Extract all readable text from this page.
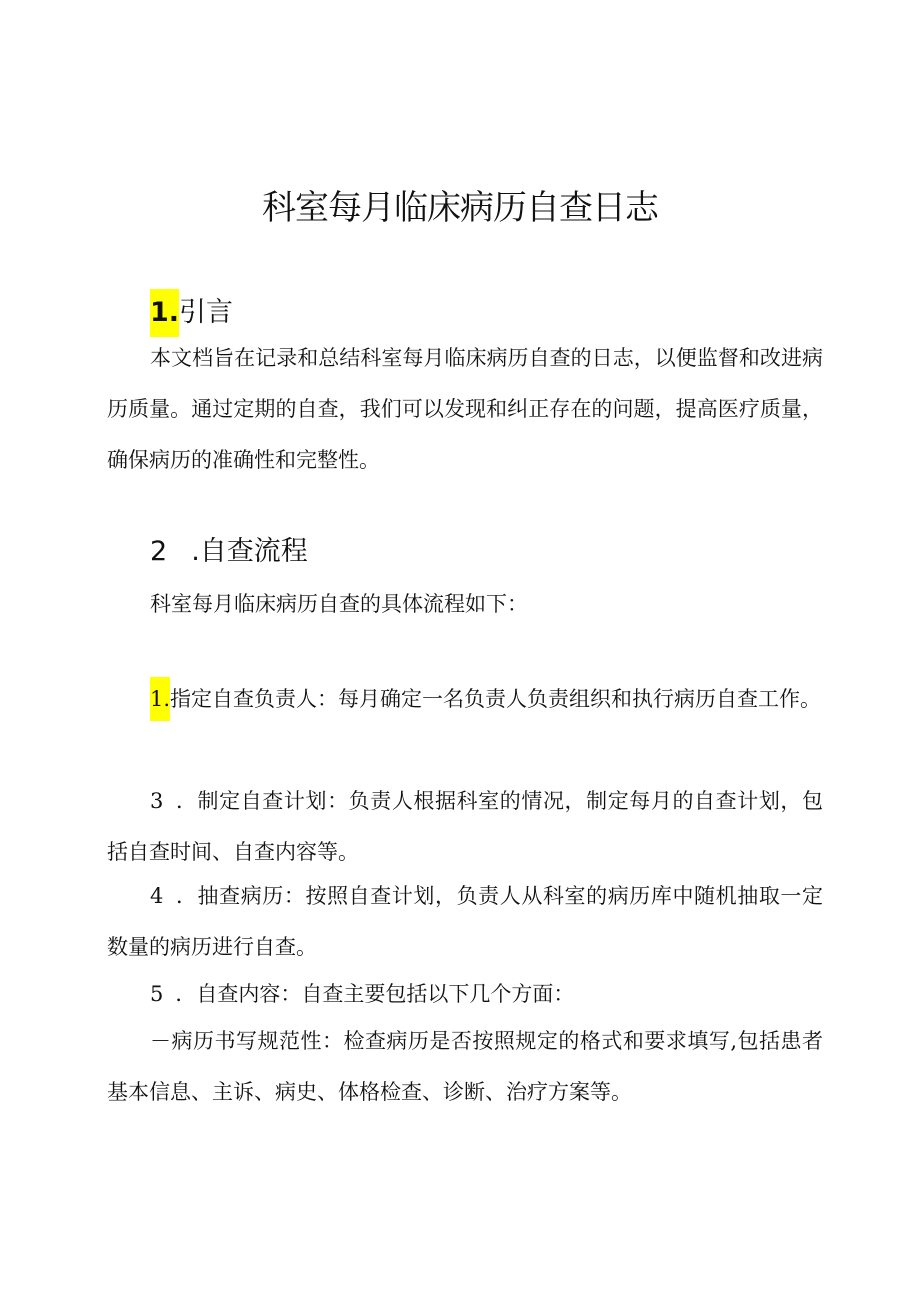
科室每月临床病历自查日志
1.引言

本文档旨在记录和总结科室每月临床病历自查的日志，以便监督和改进病历质量。通过定期的自查，我们可以发现和纠正存在的问题，提高医疗质量，确保病历的准确性和完整性。

2 .自查流程

科室每月临床病历自查的具体流程如下：

1.指定自查负责人：每月确定一名负责人负责组织和执行病历自查工作。

3 ．制定自查计划：负责人根据科室的情况，制定每月的自查计划，包括自查时间、自查内容等。

4 ．抽查病历：按照自查计划，负责人从科室的病历库中随机抽取一定数量的病历进行自查。

5 ．自查内容：自查主要包括以下几个方面：

－病历书写规范性：检查病历是否按照规定的格式和要求填写,包括患者基本信息、主诉、病史、体格检查、诊断、治疗方案等。
